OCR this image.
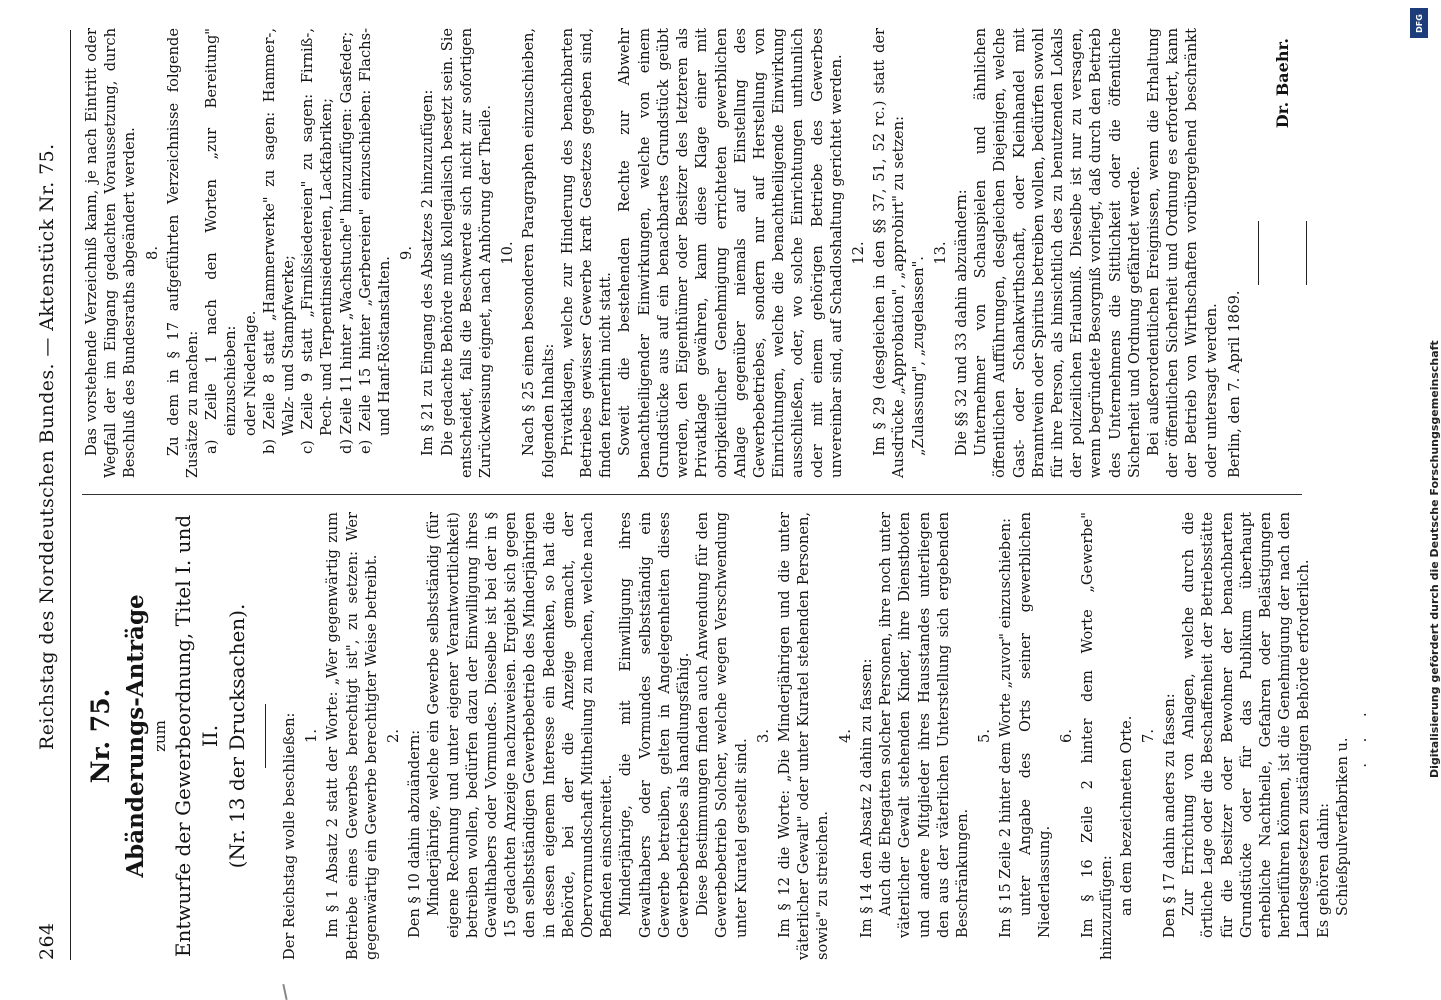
264
Reichstag des Norddeutschen Bundes. — Aktenstück Nr. 75. Nr. 75. Abänderungs-Anträge zum Entwurfe der Gewerbeordnung, Titel I. und II. (Nr. 13 der Drucksachen). Der Reichstag wolle beschließen: 1. Im § 1 Absatz 2 statt der Worte: „Wer gegenwärtig zum Betriebe eines Gewerbes berechtigt ist", zu setzen: Wer gegenwärtig ein Gewerbe berechtigter Weise betreibt. 2. Den § 10 dahin abzuändern: Minderjährige, welche ein Gewerbe selbstständig (für eigene Rechnung und unter eigener Verantwortlichkeit) betreiben wollen, bedürfen dazu der Einwilligung ihres Gewalthabers oder Vormundes. Dieselbe ist bei der in § 15 gedachten Anzeige nachzuweisen. Ergiebt sich gegen den selbstständigen Gewerbebetrieb des Minderjährigen in dessen eigenem Interesse ein Bedenken, so hat die Behörde, bei der die Anzeige gemacht, der Obervormundschaft Mittheilung zu machen, welche nach Befinden einschreitet. Minderjährige, die mit Einwilligung ihres Gewalthabers oder Vormundes selbstständig ein Gewerbe betreiben, gelten in Angelegenheiten dieses Gewerbebetriebes als handlungsfähig. Diese Bestimmungen finden auch Anwendung für den Gewerbebetrieb Solcher, welche wegen Verschwendung unter Kuratel gestellt sind.

3. Im § 12 die Worte: „Die Minderjährigen und die unter väterlicher Gewalt" oder unter Kuratel stehenden Personen, sowie" zu streichen.

4. Im § 14 den Absatz 2 dahin zu fassen: Auch die Ehegatten solcher Personen, ihre noch unter väterlicher Gewalt stehenden Kinder, ihre Dienstboten und andere Mitglieder ihres Hausstandes unterliegen den aus der väterlichen Unterstellung sich ergebenden Beschränkungen.

5. Im § 15 Zeile 2 hinter dem Worte „zuvor" einzuschieben: unter Angabe des Orts seiner gewerblichen Niederlassung.

6. Im § 16 Zeile 2 hinter dem Worte „Gewerbe" hinzuzufügen: an dem bezeichneten Orte. 7. Den § 17 dahin anders zu fassen: Zur Errichtung von Anlagen, welche durch die örtliche Lage oder die Beschaffenheit der Betriebsstätte für die Besitzer oder Bewohner der benachbarten Grundstücke oder für das Publikum überhaupt erhebliche Nachtheile, Gefahren oder Belästigungen herbeiführen können, ist die Genehmigung der nach den Landesgesetzen zuständigen Behörde erforderlich. Es gehören dahin: Schießpulverfabriken u.

. . .

Das vorstehende Verzeichniß kann, je nach Eintritt oder Wegfall der im Eingang gedachten Voraussetzung, durch Beschluß des Bundesraths abgeändert werden. 8. Zu dem in § 17 aufgeführten Verzeichnisse folgende Zusätze zu machen: a) Zeile 1 nach den Worten „zur Bereitung" einzuschieben: oder Niederlage. b) Zeile 8 statt „Hammerwerke" zu sagen: Hammer-, Walz- und Stampfwerke; c) Zeile 9 statt „Firnißsiedereien" zu sagen: Firniß-, Pech- und Terpentinsiedereien, Lackfabriken; d) Zeile 11 hinter „Wachstuche" hinzuzufügen: Gasfeder; e) Zeile 15 hinter „Gerbereien" einzuschieben: Flachs- und Hanf-Röstanstalten.

9. Im § 21 zu Eingang des Absatzes 2 hinzuzufügen: Die gedachte Behörde muß kollegialisch besetzt sein. Sie entscheidet, falls die Beschwerde sich nicht zur sofortigen Zurückweisung eignet, nach Anhörung der Theile. 10. Nach § 25 einen besonderen Paragraphen einzuschieben, folgenden Inhalts: Privatklagen, welche zur Hinderung des benachbarten Betriebes gewisser Gewerbe kraft Gesetzes gegeben sind, finden fernerhin nicht statt. Soweit die bestehenden Rechte zur Abwehr benachtheiligender Einwirkungen, welche von einem Grundstücke aus auf ein benachbartes Grundstück geübt werden, den Eigenthümer oder Besitzer des letzteren als Privatklage gewähren, kann diese Klage einer mit obrigkeitlicher Genehmigung errichteten gewerblichen Anlage gegenüber niemals auf Einstellung des Gewerbebetriebes, sondern nur auf Herstellung von Einrichtungen, welche die benachtheiligende Einwirkung ausschließen, oder, wo solche Einrichtungen unthunlich oder mit einem gehörigen Betriebe des Gewerbes unvereinbar sind, auf Schadloshaltung gerichtet werden. 12. Im § 29 (desgleichen in den §§ 37, 51, 52 rc.) statt der Ausdrücke „Approbation", „approbirt" zu setzen: „Zulassung", „zugelassen".

13. Die §§ 32 und 33 dahin abzuändern: Unternehmer von Schauspielen und ähnlichen öffentlichen Aufführungen, desgleichen Diejenigen, welche Gast- oder Schankwirthschaft, oder Kleinhandel mit Branntwein oder Spiritus betreiben wollen, bedürfen sowohl für ihre Person, als hinsichtlich des zu benutzenden Lokals der polizeilichen Erlaubniß. Dieselbe ist nur zu versagen, wenn begründete Besorgniß vorliegt, daß durch den Betrieb des Unternehmens die Sittlichkeit oder die öffentliche Sicherheit und Ordnung gefährdet werde. Bei außerordentlichen Ereignissen, wenn die Erhaltung der öffentlichen Sicherheit und Ordnung es erfordert, kann der Betrieb von Wirthschaften vorübergehend beschränkt oder untersagt werden. Berlin, den 7. April 1869.

Dr. Baehr.
DFG
Digitalisierung gefördert durch die Deutsche Forschungsgemeinschaft
